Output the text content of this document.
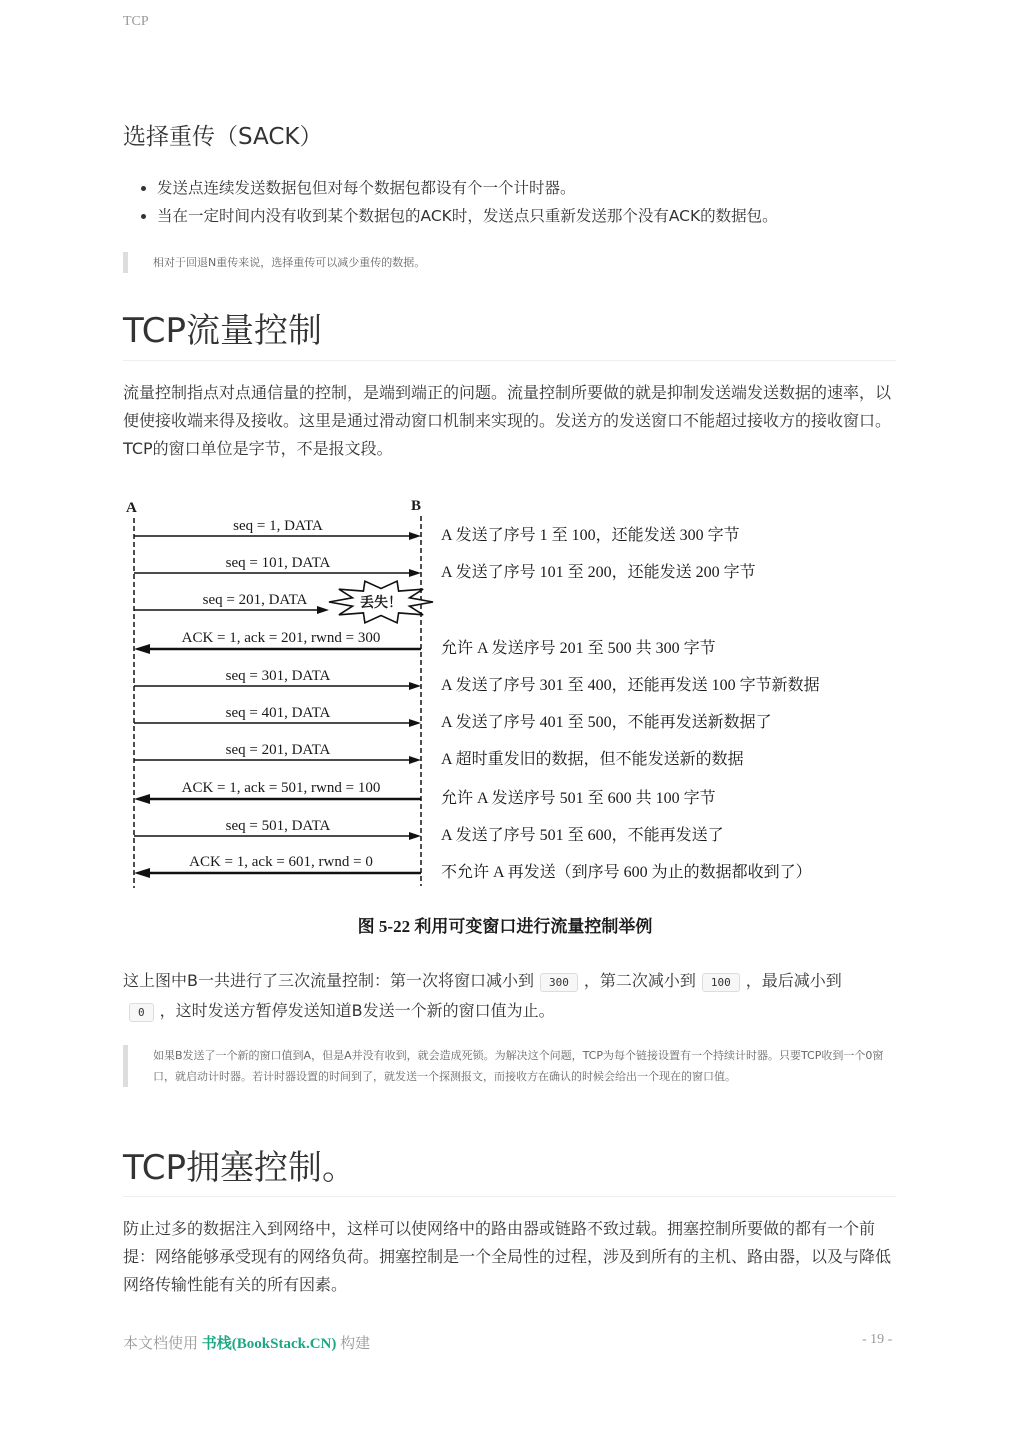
TCP
选择重传（SACK）
• 发送点连续发送数据包但对每个数据包都设有个一个计时器。
• 当在一定时间内没有收到某个数据包的ACK时，发送点只重新发送那个没有ACK的数据包。
相对于回退N重传来说，选择重传可以减少重传的数据。
TCP流量控制

流量控制指点对点通信量的控制，是端到端正的问题。流量控制所要做的就是抑制发送端发送数据的速率，以便使接收端来得及接收。这里是通过滑动窗口机制来实现的。发送方的发送窗口不能超过接收方的接收窗口。TCP的窗口单位是字节，不是报文段。

A	B
seq = 1, DATA
A 发送了序号 1 至 100，还能发送 300 字节
seq = 101, DATA
A 发送了序号 101 至 200，还能发送 200 字节
seq = 201, DATA	丢失！
ACK = 1, ack = 201, rwnd = 300
允许 A 发送序号 201 至 500 共 300 字节
seq = 301, DATA
A 发送了序号 301 至 400，还能再发送 100 字节新数据
seq = 401, DATA
A 发送了序号 401 至 500，不能再发送新数据了
seq = 201, DATA
A 超时重发旧的数据，但不能发送新的数据
ACK = 1, ack = 501, rwnd = 100
允许 A 发送序号 501 至 600 共 100 字节
seq = 501, DATA
A 发送了序号 501 至 600，不能再发送了
ACK = 1, ack = 601, rwnd = 0
不允许 A 再发送（到序号 600 为止的数据都收到了）
图 5-22 利用可变窗口进行流量控制举例

这上图中B一共进行了三次流量控制：第一次将窗口减小到 300 ，第二次减小到 100 ，最后减小到0 ，这时发送方暂停发送知道B发送一个新的窗口值为止。

如果B发送了一个新的窗口值到A，但是A并没有收到，就会造成死锁。为解决这个问题，TCP为每个链接设置有一个持续计时器。只要TCP收到一个0窗口，就启动计时器。若计时器设置的时间到了，就发送一个探测报文，而接收方在确认的时候会给出一个现在的窗口值。
TCP拥塞控制。

防止过多的数据注入到网络中，这样可以使网络中的路由器或链路不致过载。拥塞控制所要做的都有一个前提：网络能够承受现有的网络负荷。拥塞控制是一个全局性的过程，涉及到所有的主机、路由器，以及与降低网络传输性能有关的所有因素。

本文档使用 书栈(BookStack.CN) 构建	- 19 -
